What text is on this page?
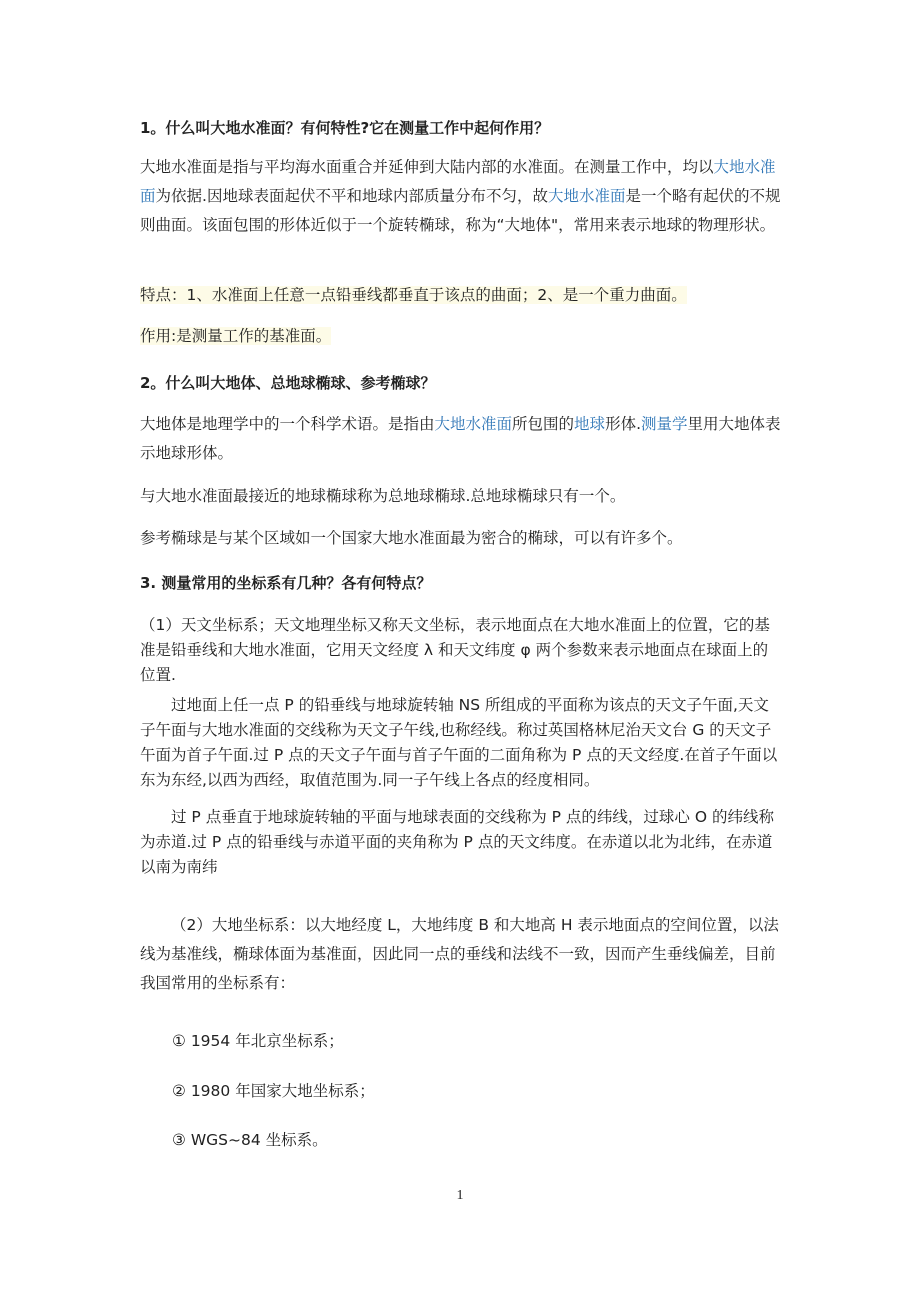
1。什么叫大地水准面？有何特性?它在测量工作中起何作用？

大地水准面是指与平均海水面重合并延伸到大陆内部的水准面。在测量工作中，均以大地水准面为依据.因地球表面起伏不平和地球内部质量分布不匀，故大地水准面是一个略有起伏的不规则曲面。该面包围的形体近似于一个旋转椭球，称为“大地体"，常用来表示地球的物理形状。

特点：1、水准面上任意一点铅垂线都垂直于该点的曲面；2、是一个重力曲面。

作用:是测量工作的基准面。

2。什么叫大地体、总地球椭球、参考椭球？

大地体是地理学中的一个科学术语。是指由大地水准面所包围的地球形体.测量学里用大地体表示地球形体。

与大地水准面最接近的地球椭球称为总地球椭球.总地球椭球只有一个。

参考椭球是与某个区域如一个国家大地水准面最为密合的椭球，可以有许多个。

3. 测量常用的坐标系有几种？各有何特点？

（1）天文坐标系；天文地理坐标又称天文坐标，表示地面点在大地水准面上的位置，它的基准是铅垂线和大地水准面，它用天文经度 λ 和天文纬度 φ 两个参数来表示地面点在球面上的位置.

过地面上任一点 P 的铅垂线与地球旋转轴 NS 所组成的平面称为该点的天文子午面,天文子午面与大地水准面的交线称为天文子午线,也称经线。称过英国格林尼治天文台 G 的天文子午面为首子午面.过 P 点的天文子午面与首子午面的二面角称为 P 点的天文经度.在首子午面以东为东经,以西为西经，取值范围为.同一子午线上各点的经度相同。

过 P 点垂直于地球旋转轴的平面与地球表面的交线称为 P 点的纬线，过球心 O 的纬线称为赤道.过 P 点的铅垂线与赤道平面的夹角称为 P 点的天文纬度。在赤道以北为北纬，在赤道以南为南纬

（2）大地坐标系：以大地经度 L，大地纬度 B 和大地高 H 表示地面点的空间位置，以法线为基准线，椭球体面为基准面，因此同一点的垂线和法线不一致，因而产生垂线偏差，目前我国常用的坐标系有：

① 1954 年北京坐标系；

② 1980 年国家大地坐标系；

③ WGS~84 坐标系。

1
